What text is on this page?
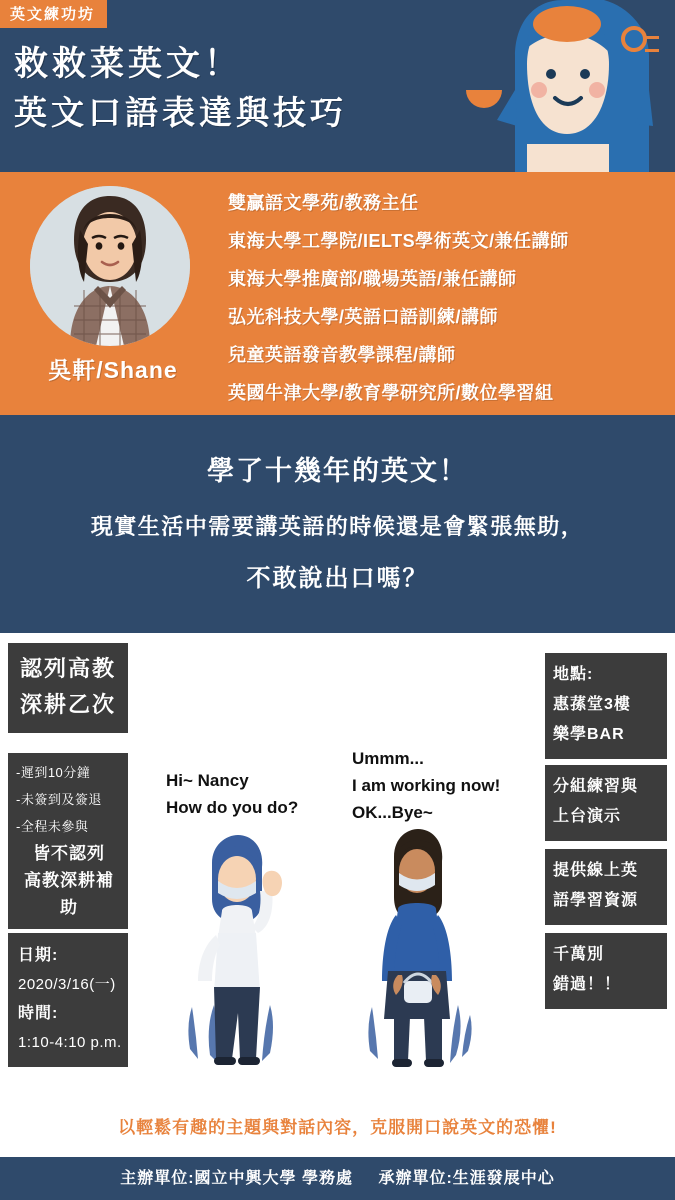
英文練功坊
救救菜英文！
英文口語表達與技巧
吳軒/Shane
雙贏語文學苑/教務主任
東海大學工學院/IELTS學術英文/兼任講師
東海大學推廣部/職場英語/兼任講師
弘光科技大學/英語口語訓練/講師
兒童英語發音教學課程/講師
英國牛津大學/教育學研究所/數位學習組
學了十幾年的英文！
現實生活中需要講英語的時候還是會緊張無助，
不敢說出口嗎？
認列高教
深耕乙次
-遲到10分鐘
-未簽到及簽退
-全程未參與
皆不認列
高教深耕補助
日期:
2020/3/16(一)
時間:
1:10-4:10 p.m.
地點:
惠蓀堂3樓
樂學BAR
分組練習與
上台演示
提供線上英
語學習資源
千萬別
錯過！！
Hi~ Nancy
How do you do?
Ummm...
I am working now!
OK...Bye~
以輕鬆有趣的主題與對話內容，克服開口說英文的恐懼!
主辦單位:國立中興大學 學務處 承辦單位:生涯發展中心
